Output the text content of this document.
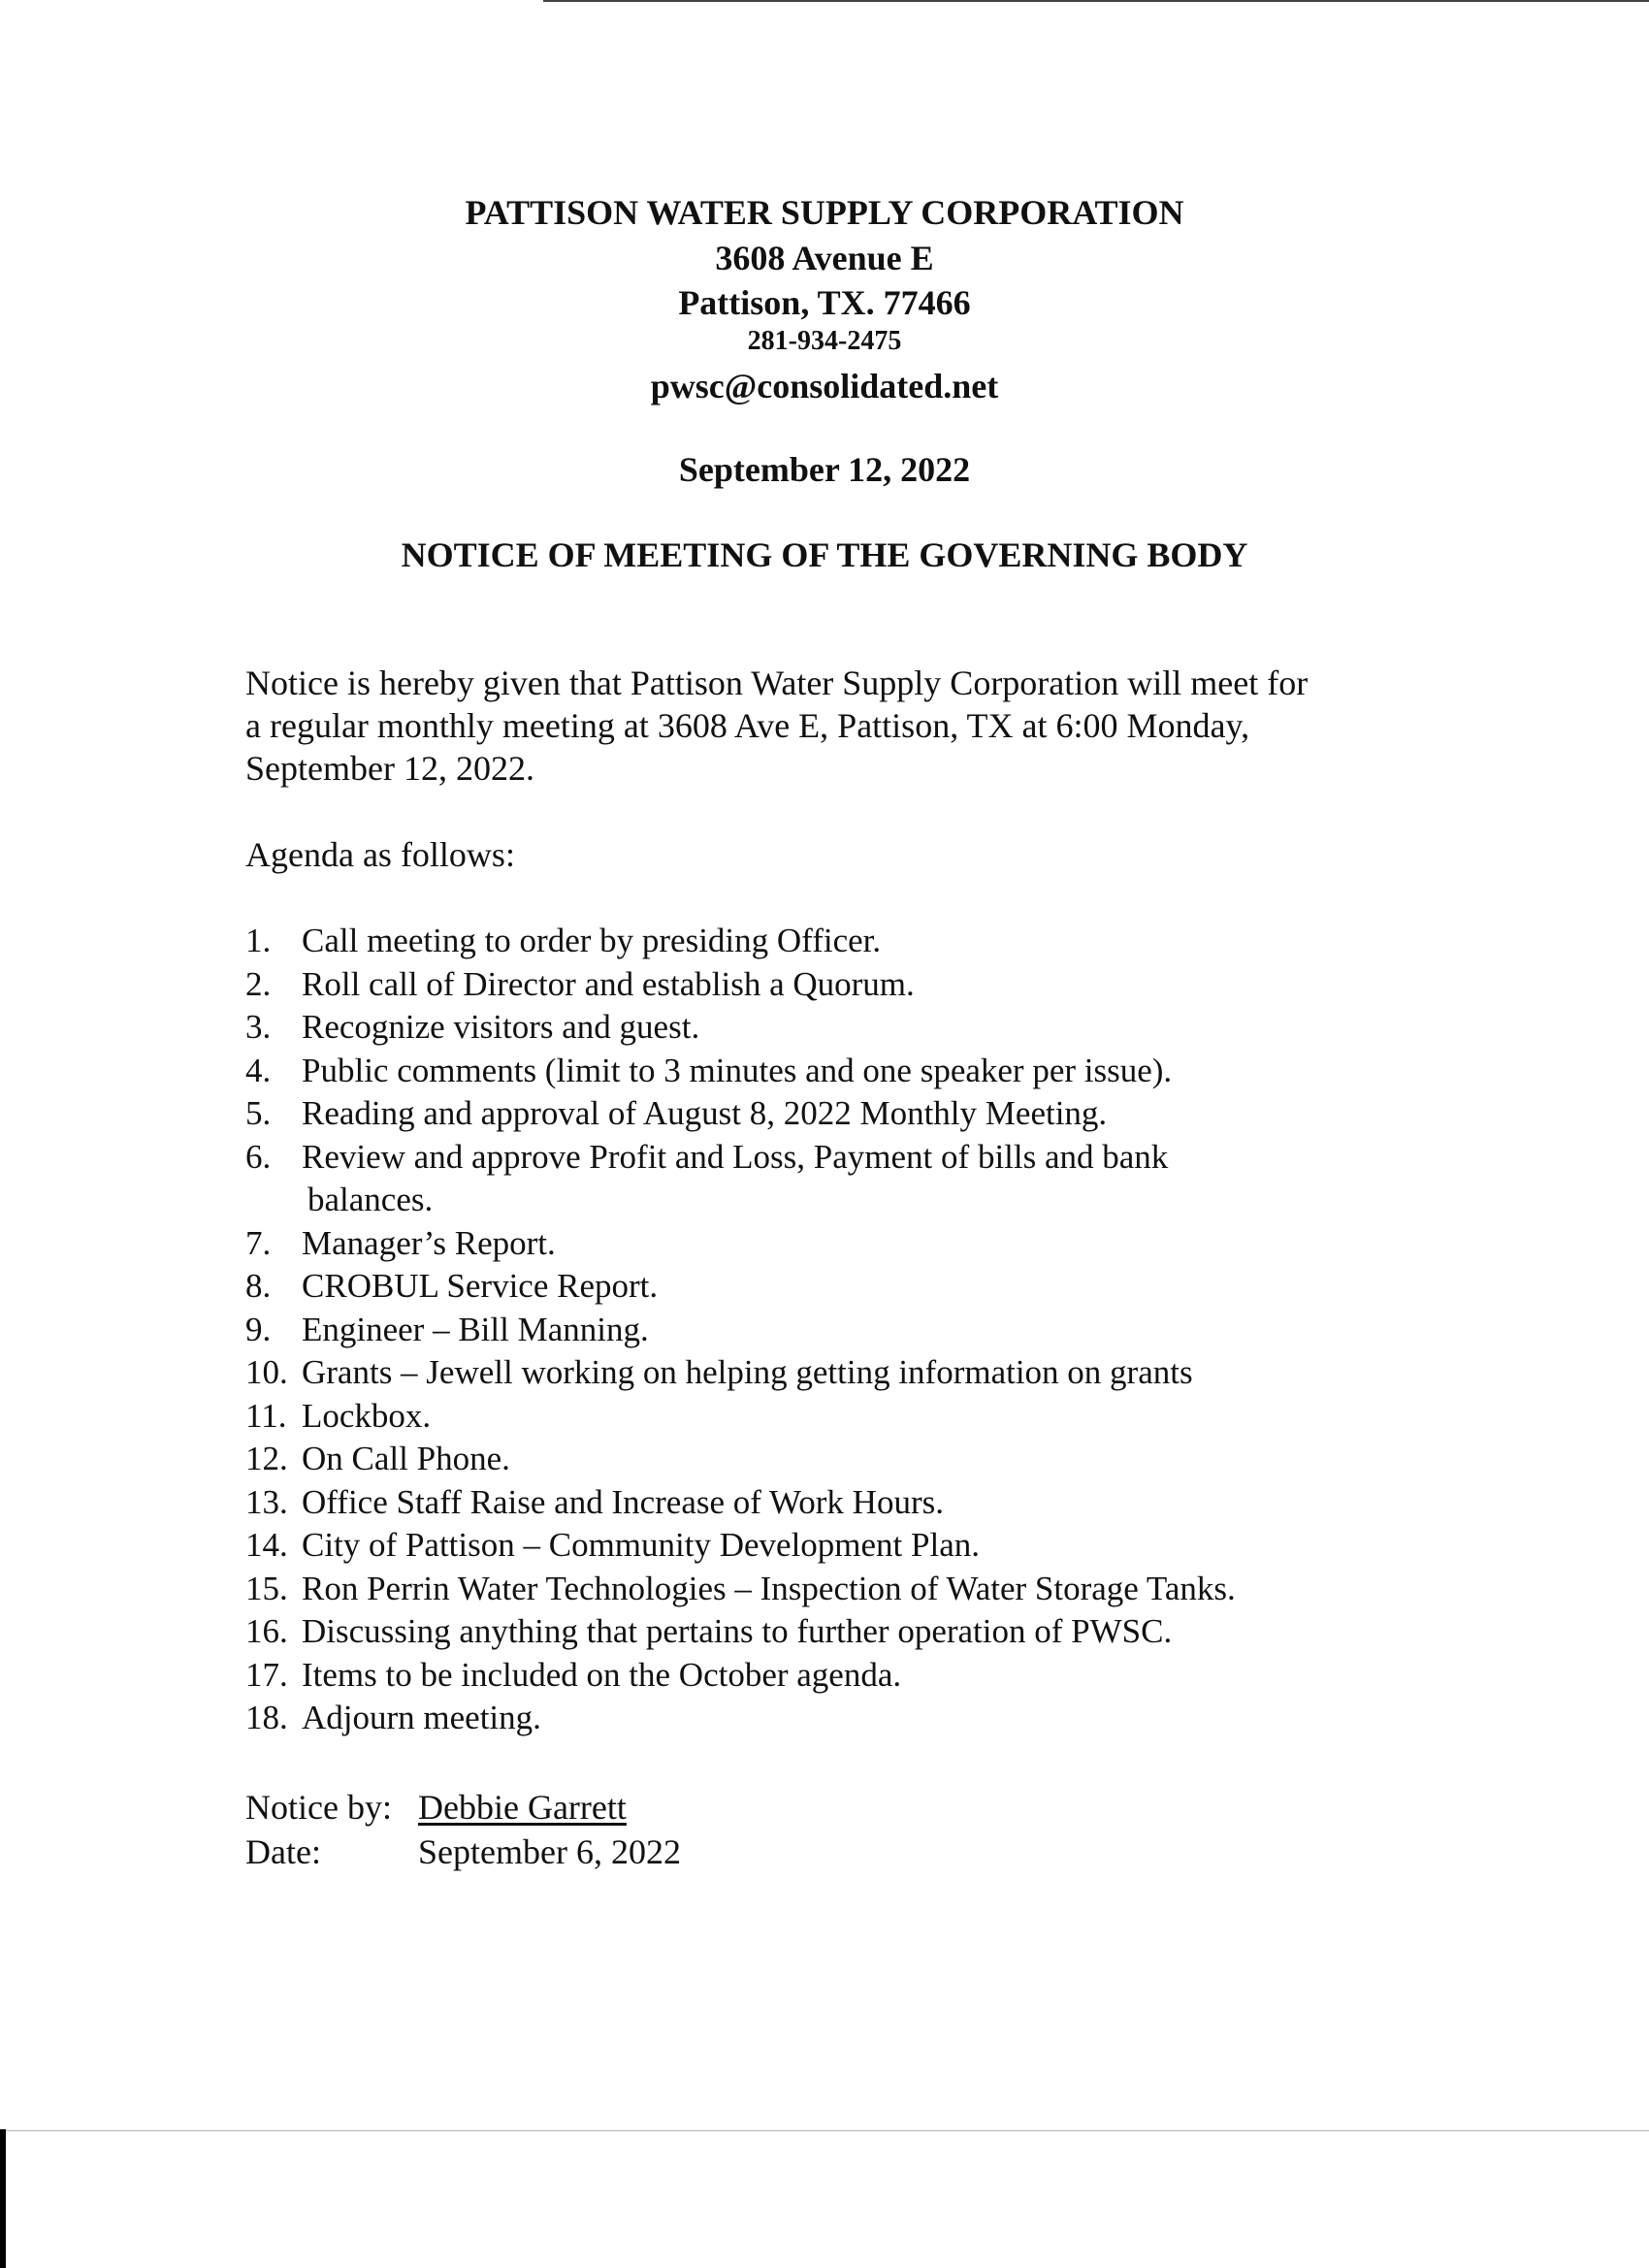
PATTISON WATER SUPPLY CORPORATION
3608 Avenue E
Pattison, TX. 77466
281-934-2475
pwsc@consolidated.net
September 12, 2022
NOTICE OF MEETING OF THE GOVERNING BODY
Notice is hereby given that Pattison Water Supply Corporation will meet for
a regular monthly meeting at 3608 Ave E, Pattison, TX at 6:00 Monday,
September 12, 2022.
Agenda as follows:
1. Call meeting to order by presiding Officer.
2. Roll call of Director and establish a Quorum.
3. Recognize visitors and guest.
4. Public comments (limit to 3 minutes and one speaker per issue).
5. Reading and approval of August 8, 2022 Monthly Meeting.
6. Review and approve Profit and Loss, Payment of bills and bank
balances.
7. Manager’s Report.
8. CROBUL Service Report.
9. Engineer – Bill Manning.
10. Grants – Jewell working on helping getting information on grants
11. Lockbox.
12. On Call Phone.
13. Office Staff Raise and Increase of Work Hours.
14. City of Pattison – Community Development Plan.
15. Ron Perrin Water Technologies – Inspection of Water Storage Tanks.
16. Discussing anything that pertains to further operation of PWSC.
17. Items to be included on the October agenda.
18. Adjourn meeting.
Notice by: Debbie Garrett
Date:	September 6, 2022
